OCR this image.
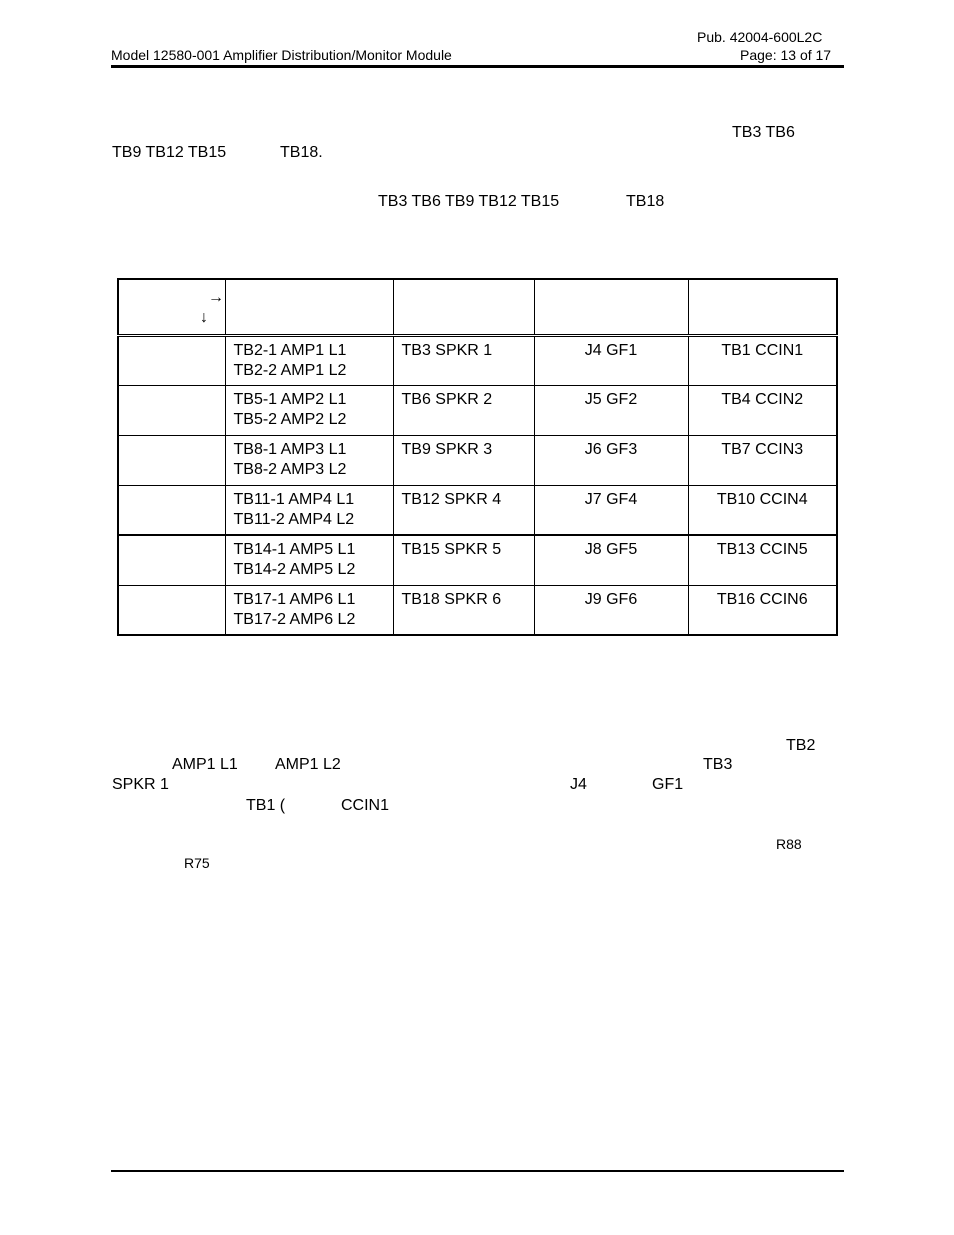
Pub. 42004-600L2C
Model 12580-001 Amplifier Distribution/Monitor Module	Page: 13 of 17
TB3 TB6
TB9 TB12 TB15	TB18.
TB3 TB6 TB9 TB12 TB15	TB18
→
↓				

	TB2-1 AMP1 L1
TB2-2 AMP1 L2	TB3 SPKR 1	J4 GF1	TB1 CCIN1

	TB5-1 AMP2 L1
TB5-2 AMP2 L2	TB6 SPKR 2	J5 GF2	TB4 CCIN2

	TB8-1 AMP3 L1
TB8-2 AMP3 L2	TB9 SPKR 3	J6 GF3	TB7 CCIN3

	TB11-1 AMP4 L1
TB11-2 AMP4 L2	TB12 SPKR 4	J7 GF4	TB10 CCIN4

	TB14-1 AMP5 L1
TB14-2 AMP5 L2	TB15 SPKR 5	J8 GF5	TB13 CCIN5

	TB17-1 AMP6 L1
TB17-2 AMP6 L2	TB18 SPKR 6	J9 GF6	TB16 CCIN6
TB2
AMP1 L1 AMP1 L2	TB3
SPKR 1	J4	GF1
TB1 (	CCIN1
R88
R75
